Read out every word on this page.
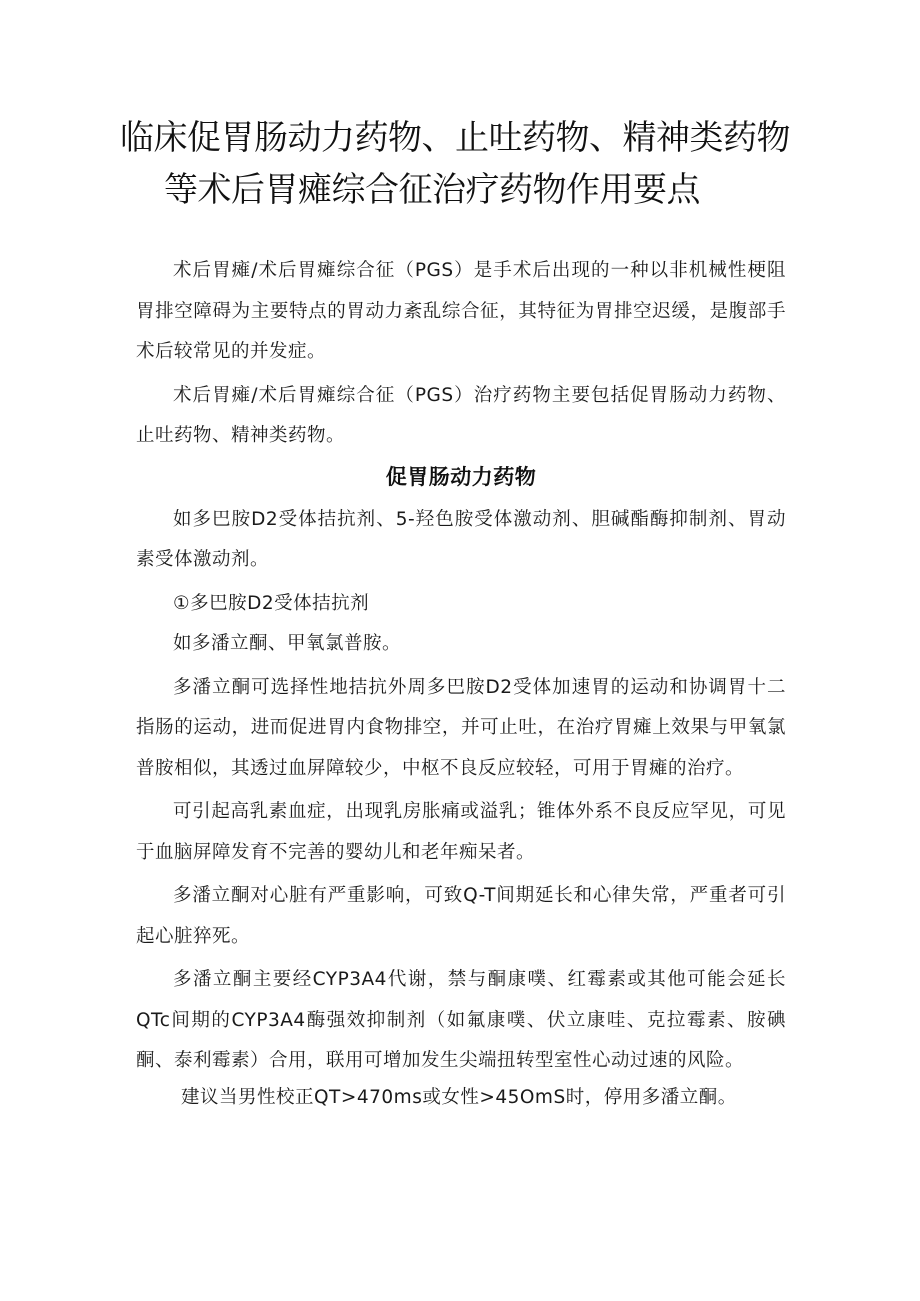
临床促胃肠动力药物、止吐药物、精神类药物
等术后胃瘫综合征治疗药物作用要点

术后胃瘫/术后胃瘫综合征（PGS）是手术后出现的一种以非机械性梗阻胃排空障碍为主要特点的胃动力紊乱综合征，其特征为胃排空迟缓，是腹部手术后较常见的并发症。

术后胃瘫/术后胃瘫综合征（PGS）治疗药物主要包括促胃肠动力药物、止吐药物、精神类药物。

促胃肠动力药物

如多巴胺D2受体拮抗剂、5-羟色胺受体激动剂、胆碱酯酶抑制剂、胃动素受体激动剂。

①多巴胺D2受体拮抗剂

如多潘立酮、甲氧氯普胺。

多潘立酮可选择性地拮抗外周多巴胺D2受体加速胃的运动和协调胃十二指肠的运动，进而促进胃内食物排空，并可止吐，在治疗胃瘫上效果与甲氧氯普胺相似，其透过血屏障较少，中枢不良反应较轻，可用于胃瘫的治疗。

可引起高乳素血症，出现乳房胀痛或溢乳；锥体外系不良反应罕见，可见于血脑屏障发育不完善的婴幼儿和老年痴呆者。

多潘立酮对心脏有严重影响，可致Q-T间期延长和心律失常，严重者可引起心脏猝死。

多潘立酮主要经CYP3A4代谢，禁与酮康噗、红霉素或其他可能会延长QTc间期的CYP3A4酶强效抑制剂（如氟康噗、伏立康哇、克拉霉素、胺碘酮、泰利霉素）合用，联用可增加发生尖端扭转型室性心动过速的风险。

建议当男性校正QT>470ms或女性>45OmS时，停用多潘立酮。
